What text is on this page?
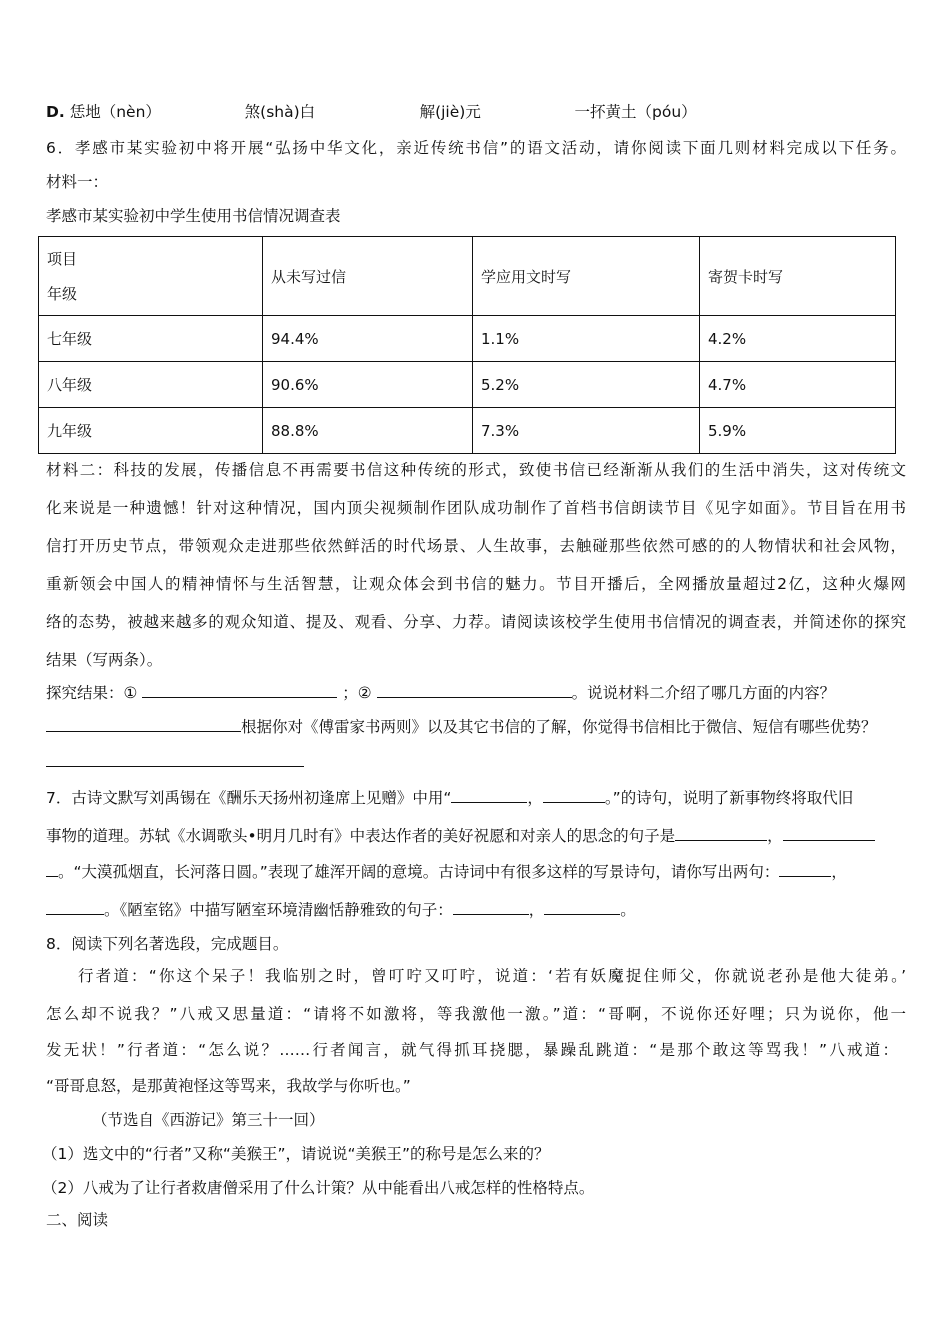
D. 恁地（nèn）	煞(shà)白	解(jiè)元	一抔黄土（póu）
6．孝感市某实验初中将开展“弘扬中华文化，亲近传统书信”的语文活动，请你阅读下面几则材料完成以下任务。
材料一：
孝感市某实验初中学生使用书信情况调查表
项目
年级	从未写过信	学应用文时写	寄贺卡时写
七年级	94.4%	1.1%	4.2%
八年级	90.6%	5.2%	4.7%
九年级	88.8%	7.3%	5.9%
材料二：科技的发展，传播信息不再需要书信这种传统的形式，致使书信已经渐渐从我们的生活中消失，这对传统文
化来说是一种遗憾！针对这种情况，国内顶尖视频制作团队成功制作了首档书信朗读节目《见字如面》。节目旨在用书
信打开历史节点，带领观众走进那些依然鲜活的时代场景、人生故事，去触碰那些依然可感的的人物情状和社会风物，
重新领会中国人的精神情怀与生活智慧，让观众体会到书信的魅力。节目开播后，全网播放量超过2亿，这种火爆网
络的态势，被越来越多的观众知道、提及、观看、分享、力荐。请阅读该校学生使用书信情况的调查表，并简述你的探究
结果（写两条）。
探究结果：①	；②	。说说材料二介绍了哪几方面的内容？
根据你对《傅雷家书两则》以及其它书信的了解，你觉得书信相比于微信、短信有哪些优势？
7．古诗文默写刘禹锡在《酬乐天扬州初逢席上见赠》中用“	，	。”的诗句，说明了新事物终将取代旧
事物的道理。苏轼《水调歌头•明月几时有》中表达作者的美好祝愿和对亲人的思念的句子是	，
。“大漠孤烟直，长河落日圆。”表现了雄浑开阔的意境。古诗词中有很多这样的写景诗句，请你写出两句：	，
。《陋室铭》中描写陋室环境清幽恬静雅致的句子：	，	。
8．阅读下列名著选段，完成题目。
行者道：“你这个呆子！我临别之时，曾叮咛又叮咛，说道：‘若有妖魔捉住师父，你就说老孙是他大徒弟。’
怎么却不说我？”八戒又思量道：“请将不如激将，等我激他一激。”道：“哥啊，不说你还好哩；只为说你，他一
发无状！”行者道：“怎么说？……行者闻言，就气得抓耳挠腮，暴躁乱跳道：“是那个敢这等骂我！”八戒道：
“哥哥息怒，是那黄袍怪这等骂来，我故学与你听也。”
（节选自《西游记》第三十一回）
（1）选文中的“行者”又称“美猴王”，请说说“美猴王”的称号是怎么来的？
（2）八戒为了让行者救唐僧采用了什么计策？从中能看出八戒怎样的性格特点。
二、阅读
